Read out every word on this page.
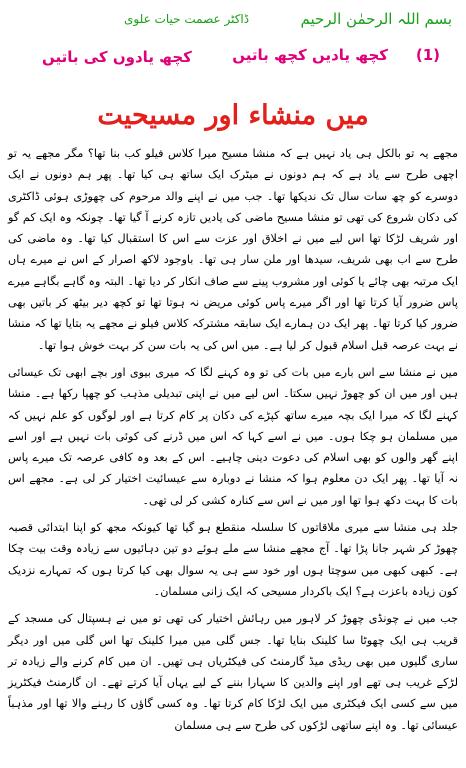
بسم اللہ الرحمٰن الرحیم
ڈاکٹر عصمت حیات علوی
(1)
کچھ یادیں کچھ باتیں
کچھ یادوں کی باتیں
میں منشاء اور مسیحیت

مجھے یہ تو بالکل ہی یاد نہیں ہے کہ منشا مسیح میرا کلاس فیلو کب بنا تھا؟ مگر مجھے یہ تو اچھی طرح سے یاد ہے کہ ہم دونوں نے میٹرک ایک ساتھ ہی کیا تھا۔ پھر ہم دونوں نے ایک دوسرے کو چھ سات سال تک ندیکھا تھا۔ جب میں نے اپنے والد مرحوم کی چھوڑی ہوئی ڈاکٹری کی دکان شروع کی تھی تو منشا مسیح ماضی کی یادیں تازہ کرنے آ گیا تھا۔ چونکہ وہ ایک کم گو اور شریف لڑکا تھا اس لیے میں نے اخلاق اور عزت سے اس کا استقبال کیا تھا۔ وہ ماضی کی طرح سے اب بھی شریف، سیدھا اور ملن سار ہی تھا۔ باوجود لاکھ اصرار کے اس نے میرے ہاں ایک مرتبہ بھی چائے یا کوئی اور مشروب پینے سے صاف انکار کر دیا تھا۔ البتہ وہ گاہے بگاہے میرے پاس ضرور آیا کرتا تھا اور اگر میرے پاس کوئی مریض نہ ہوتا تھا تو کچھ دیر بیٹھ کر باتیں بھی ضرور کیا کرتا تھا۔ پھر ایک دن ہمارے ایک سابقہ مشترکہ کلاس فیلو نے مجھے یہ بتایا تھا کہ منشا نے بہت عرصہ قبل اسلام قبول کر لیا ہے۔ میں اس کی یہ بات سن کر بہت خوش ہوا تھا۔

میں نے منشا سے اس بارے میں بات کی تو وہ کہنے لگا کہ میری بیوی اور بچے ابھی تک عیسائی ہیں اور میں ان کو چھوڑ نہیں سکتا۔ اس لیے میں نے اپنی تبدیلی مذہب کو چھپا رکھا ہے۔ منشا کہنے لگا کہ میرا ایک بچہ میرے ساتھ کپڑے کی دکان پر کام کرتا ہے اور لوگوں کو علم نہیں کہ میں مسلمان ہو چکا ہوں۔ میں نے اسے کہا کہ اس میں ڈرنے کی کوئی بات نہیں ہے اور اسے اپنے گھر والوں کو بھی اسلام کی دعوت دینی چاہیے۔ اس کے بعد وہ کافی عرصہ تک میرے پاس نہ آیا تھا۔ پھر ایک دن معلوم ہوا کہ منشا نے دوبارہ سے عیسائیت اختیار کر لی ہے۔ مجھے اس بات کا بہت دکھ ہوا تھا اور میں نے اس سے کنارہ کشی کر لی تھی۔

جلد ہی منشا سے میری ملاقاتوں کا سلسلہ منقطع ہو گیا تھا کیونکہ مجھ کو اپنا ابتدائی قصبہ چھوڑ کر شہر جانا پڑا تھا۔ آج مجھے منشا سے ملے ہوئے دو تین دہائیوں سے زیادہ وقت بیت چکا ہے۔ کبھی کبھی میں سوچتا ہوں اور خود سے ہی یہ سوال بھی کیا کرتا ہوں کہ تمہارے نزدیک کون زیادہ باعزت ہے؟ ایک باکردار مسیحی کہ ایک زانی مسلمان۔

جب میں نے چونڈی چھوڑ کر لاہور میں رہائش اختیار کی تھی تو میں نے ہسپتال کی مسجد کے قریب ہی ایک چھوٹا سا کلینک بنایا تھا۔ جس گلی میں میرا کلینک تھا اس گلی میں اور دیگر ساری گلیوں میں بھی ریڈی میڈ گارمنٹ کی فیکٹریاں ہی تھیں۔ ان میں کام کرنے والے زیادہ تر لڑکے غریب ہی تھے اور اپنے والدین کا سہارا بننے کے لیے یہاں آیا کرتے تھے۔ ان گارمنٹ فیکٹریز میں سے کسی ایک فیکٹری میں ایک لڑکا کام کرتا تھا۔ وہ کسی گاؤں کا رہنے والا تھا اور مذہباً عیسائی تھا۔ وہ اپنے ساتھی لڑکوں کی طرح سے ہی مسلمان
